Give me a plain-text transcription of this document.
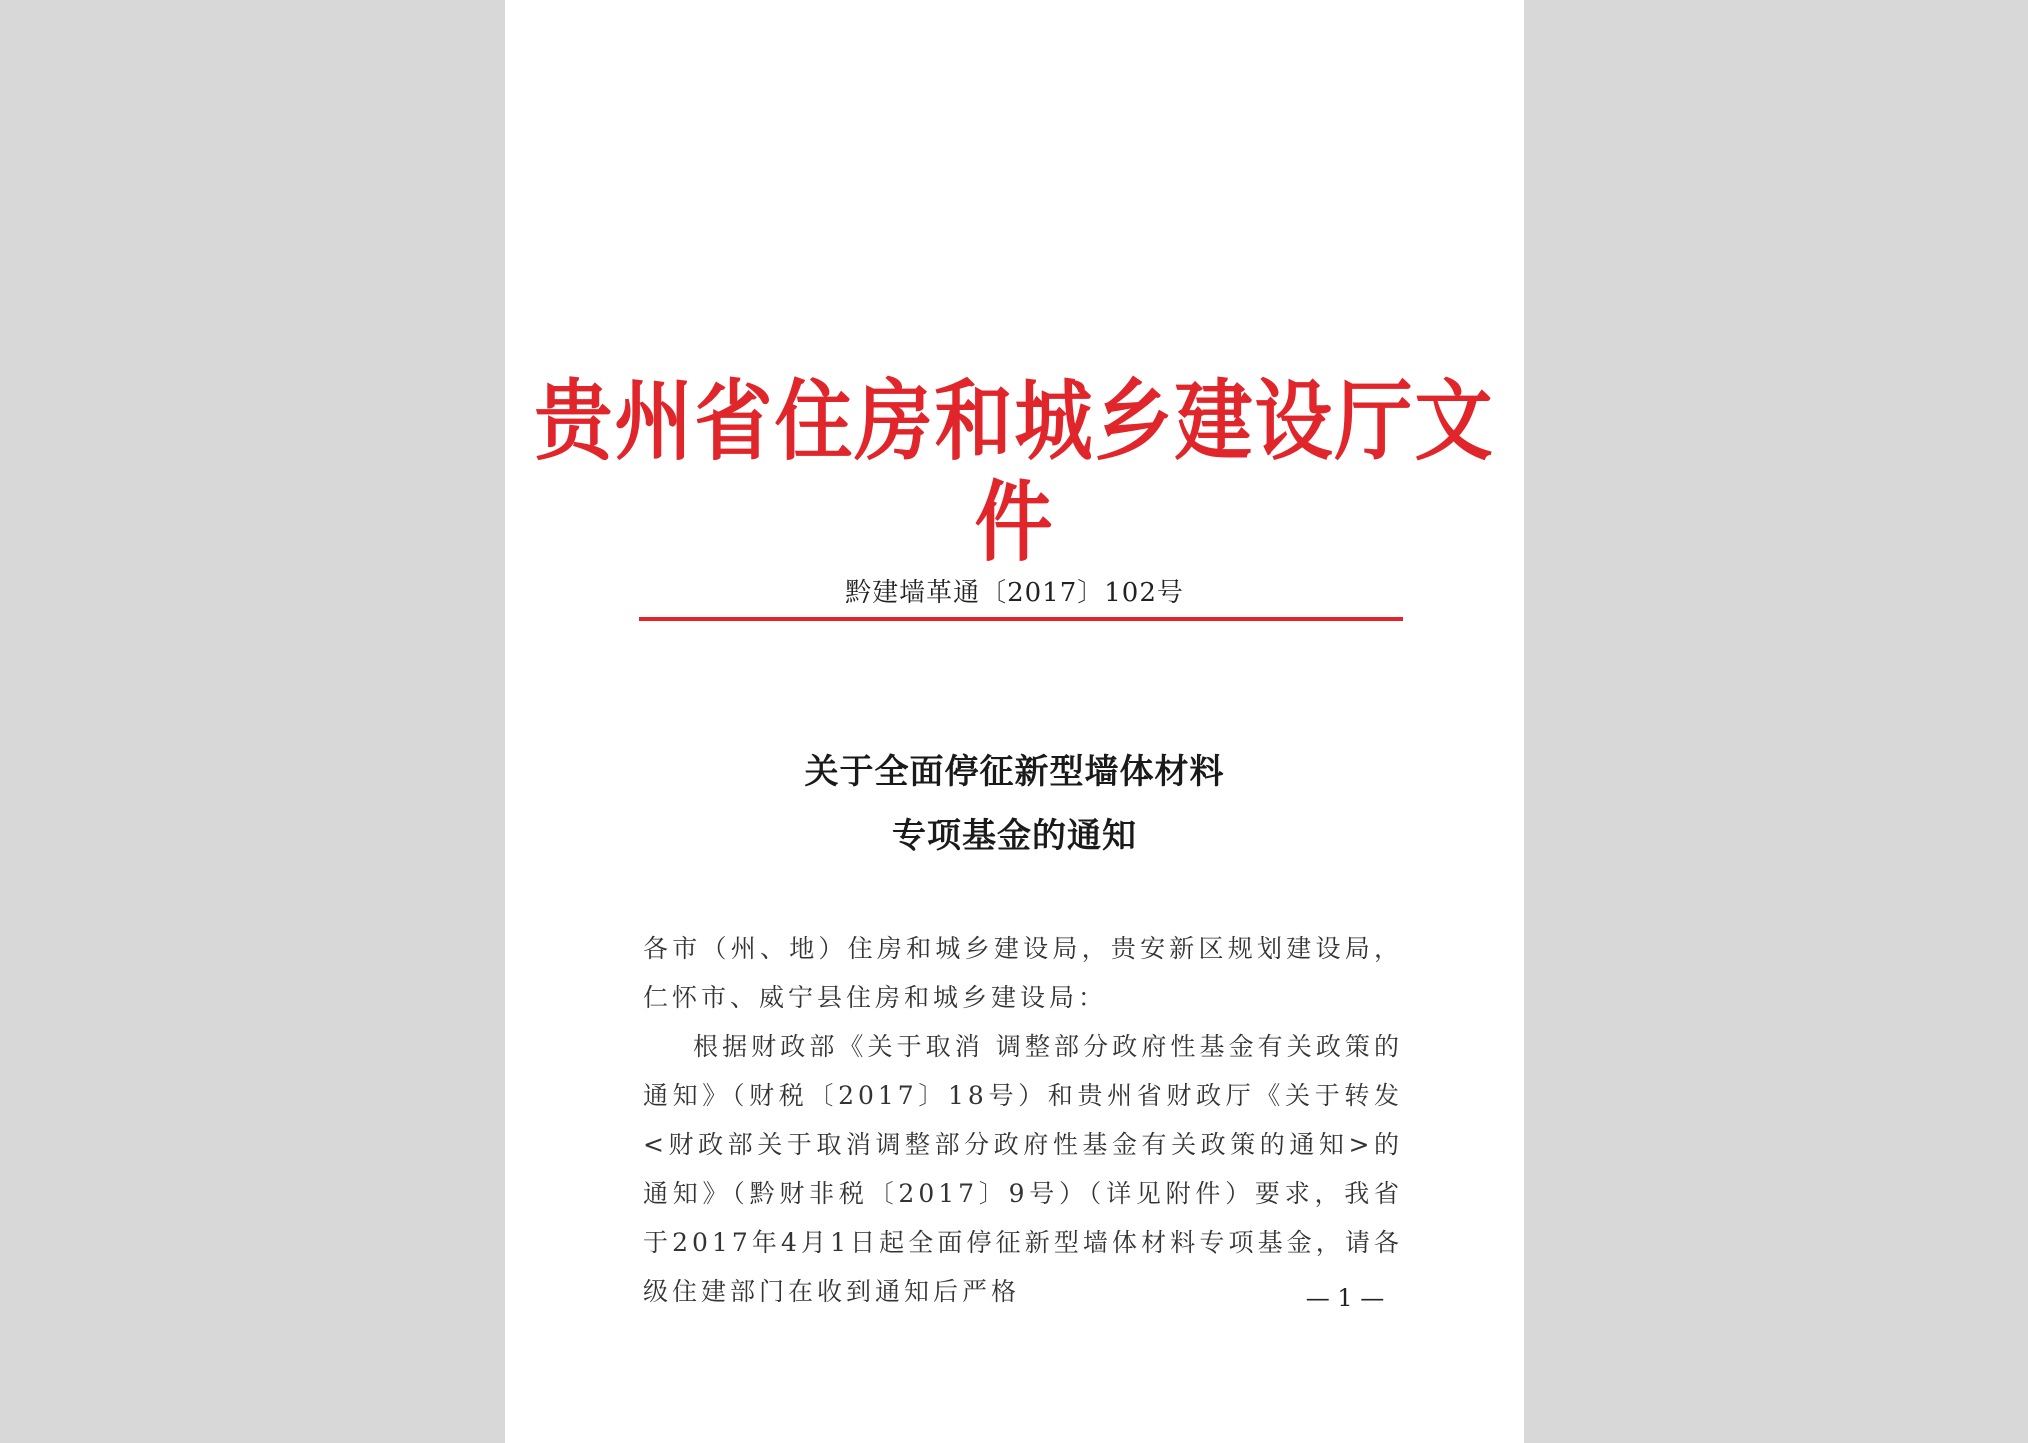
贵州省住房和城乡建设厅文件
黔建墙革通〔2017〕102号
关于全面停征新型墙体材料
专项基金的通知

各市（州、地）住房和城乡建设局，贵安新区规划建设局，仁怀市、威宁县住房和城乡建设局：

根据财政部《关于取消 调整部分政府性基金有关政策的通知》（财税〔2017〕18号）和贵州省财政厅《关于转发<财政部关于取消调整部分政府性基金有关政策的通知>的通知》（黔财非税〔2017〕9号）（详见附件）要求，我省于2017年4月1日起全面停征新型墙体材料专项基金，请各级住建部门在收到通知后严格	— 1 —
